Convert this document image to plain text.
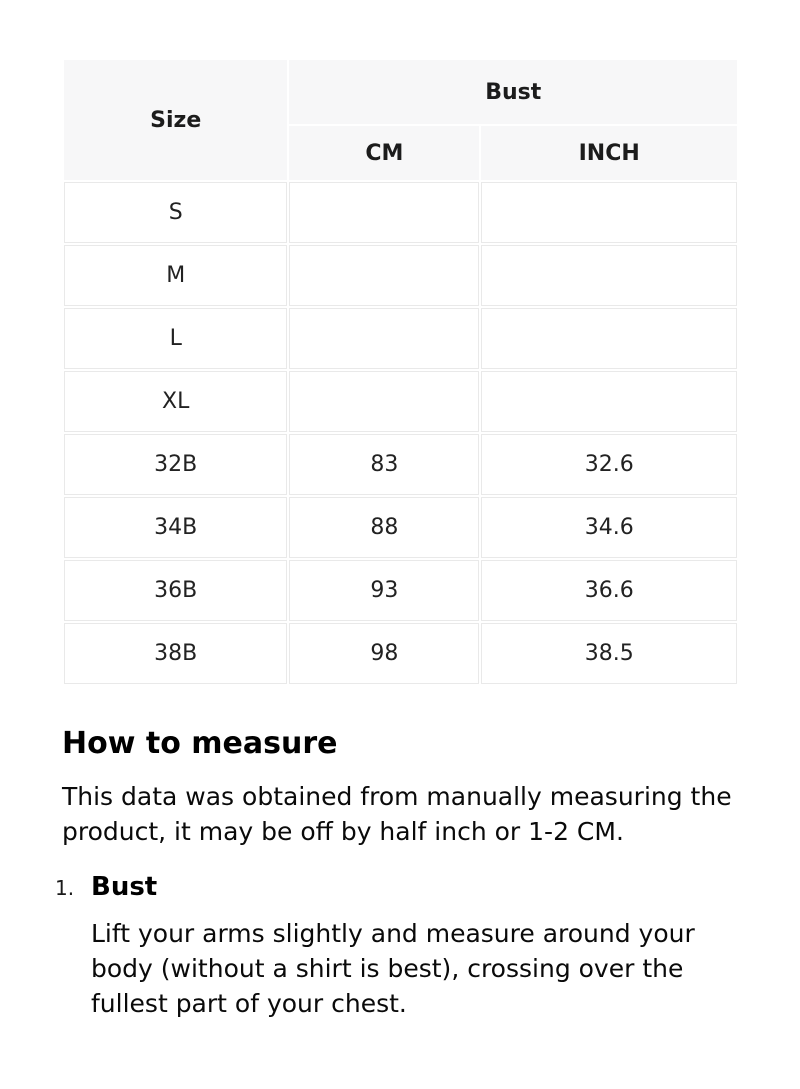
Size	Bust	
	CM	INCH
S		
M		
L		
XL		
32B	83	32.6
34B	88	34.6
36B	93	36.6
38B	98	38.5
How to measure

This data was obtained from manually measuring the product, it may be off by half inch or 1-2 CM.

1. Bust

Lift your arms slightly and measure around your body (without a shirt is best), crossing over the fullest part of your chest.
